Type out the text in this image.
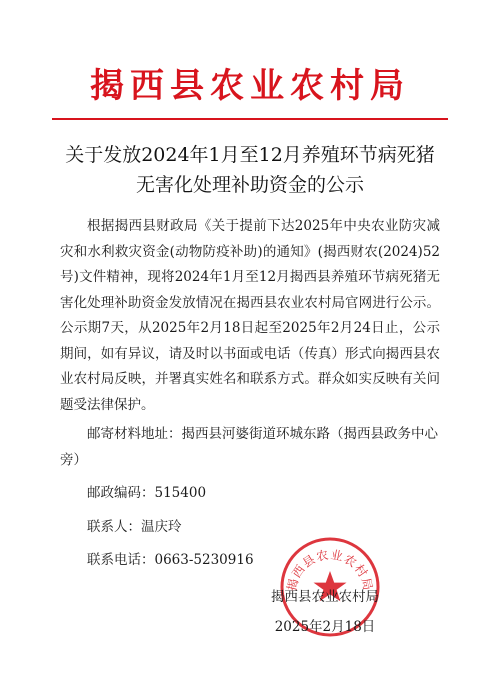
揭西县农业农村局
关于发放2024年1月至12月养殖环节病死猪
无害化处理补助资金的公示

根据揭西县财政局《关于提前下达2025年中央农业防灾减灾和水利救灾资金(动物防疫补助)的通知》(揭西财农(2024)52号)文件精神，现将2024年1月至12月揭西县养殖环节病死猪无害化处理补助资金发放情况在揭西县农业农村局官网进行公示。公示期7天，从2025年2月18日起至2025年2月24日止，公示期间，如有异议，请及时以书面或电话（传真）形式向揭西县农业农村局反映，并署真实姓名和联系方式。群众如实反映有关问题受法律保护。

邮寄材料地址：揭西县河婆街道环城东路（揭西县政务中心旁）

邮政编码：515400

联系人：温庆玲

联系电话：0663-5230916

揭西县农业农村局
揭西县农业农村局
2025年2月18日
